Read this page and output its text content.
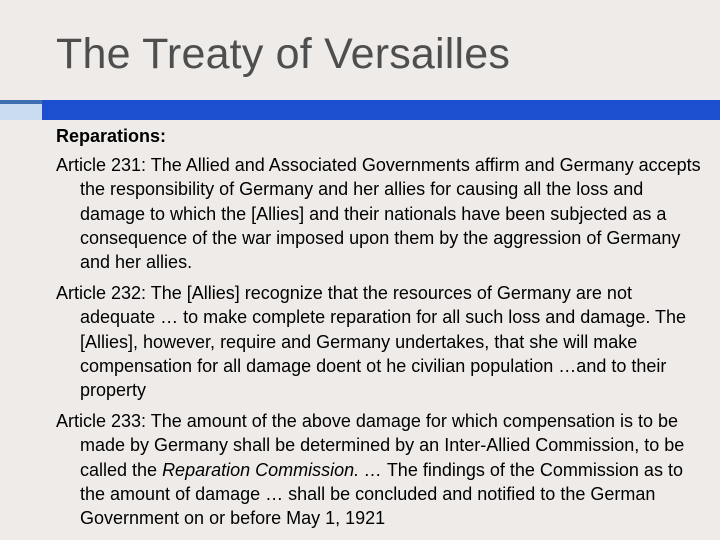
The Treaty of Versailles
Reparations:
Article 231: The Allied and Associated Governments affirm and Germany accepts the responsibility of Germany and her allies for causing all the loss and damage to which the [Allies] and their nationals have been subjected as a consequence of the war imposed upon them by the aggression of Germany and her allies.
Article 232: The [Allies] recognize that the resources of Germany are not adequate … to make complete reparation for all such loss and damage. The [Allies], however, require and Germany undertakes, that she will make compensation for all damage doent ot he civilian population …and to their property
Article 233: The amount of the above damage for which compensation is to be made by Germany shall be determined by an Inter-Allied Commission, to be called the Reparation Commission. … The findings of the Commission as to the amount of damage … shall be concluded and notified to the German Government on or before May 1, 1921
